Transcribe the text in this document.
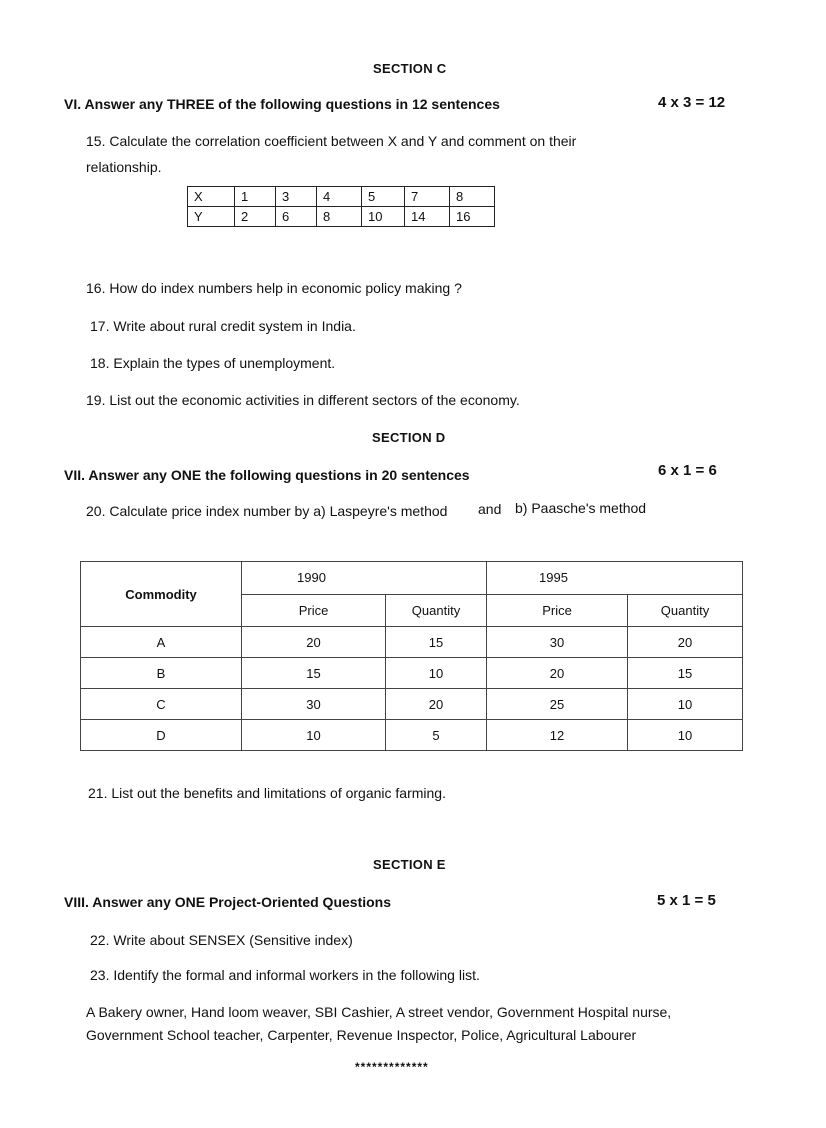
SECTION C
VI. Answer any THREE of the following questions in 12 sentences	4 x 3 = 12
15. Calculate the correlation coefficient between X and Y and comment on their
relationship.
X	1	3	4	5	7	8
Y	2	6	8	10	14	16
16. How do index numbers help in economic policy making ?
17. Write about rural credit system in India.
18. Explain the types of unemployment.
19. List out the economic activities in different sectors of the economy.
SECTION D
VII. Answer any ONE the following questions in 20 sentences	6 x 1 = 6
20. Calculate price index number by a) Laspeyre's method and b) Paasche's method
Commodity	1990		1995	
	Price	Quantity	Price	Quantity
A	20	15	30	20
B	15	10	20	15
C	30	20	25	10
D	10	5	12	10
21. List out the benefits and limitations of organic farming.
SECTION E
VIII. Answer any ONE Project-Oriented Questions	5 x 1 = 5
22. Write about SENSEX (Sensitive index)
23. Identify the formal and informal workers in the following list.
A Bakery owner, Hand loom weaver, SBI Cashier, A street vendor, Government Hospital nurse,
Government School teacher, Carpenter, Revenue Inspector, Police, Agricultural Labourer
*************
